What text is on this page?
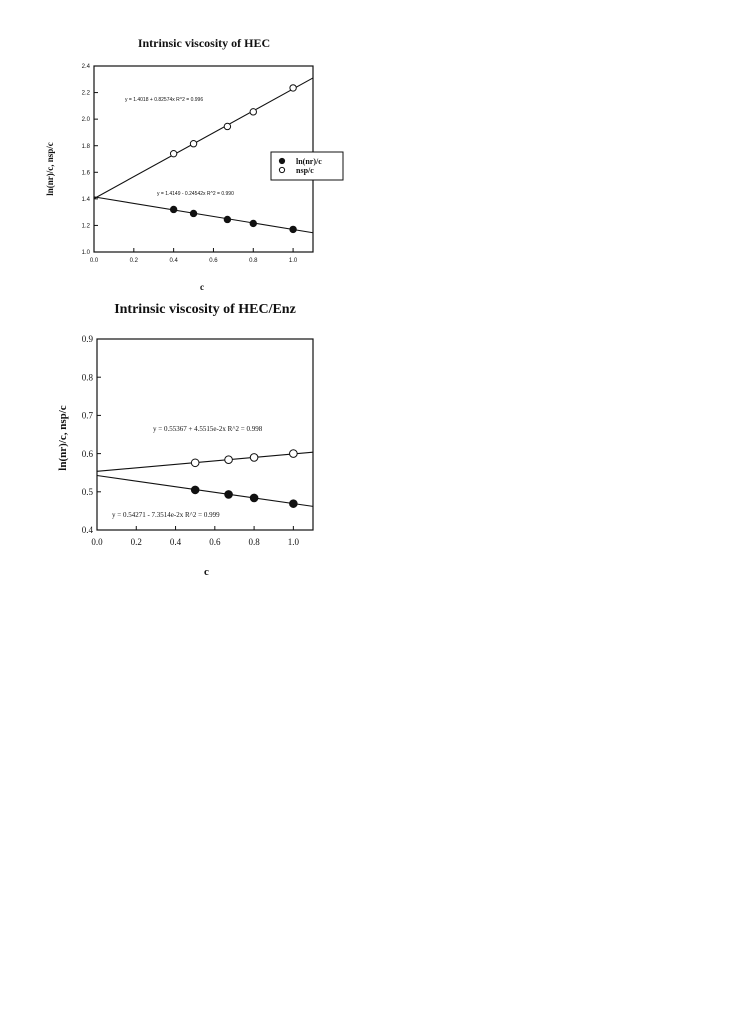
Intrinsic viscosity of HEC
0.0	0.2	0.4	0.6	0.8	1.0
1.0
1.2
1.4
1.6
1.8
2.0
2.2
2.4
y = 1.4149 - 0.24542x R^2 = 0.990
y = 1.4018 + 0.82574x R^2 = 0.996
ln(nr)/c
nsp/c
ln(nr)/c, nsp/c
c
Intrinsic viscosity of HEC/Enz
0.0	0.2	0.4	0.6	0.8	1.0
0.4
0.5
0.6
0.7
0.8
0.9
y = 0.55367 + 4.5515e-2x R^2 = 0.998
y = 0.54271 - 7.3514e-2x R^2 = 0.999
ln(nr)/c, nsp/c
c
